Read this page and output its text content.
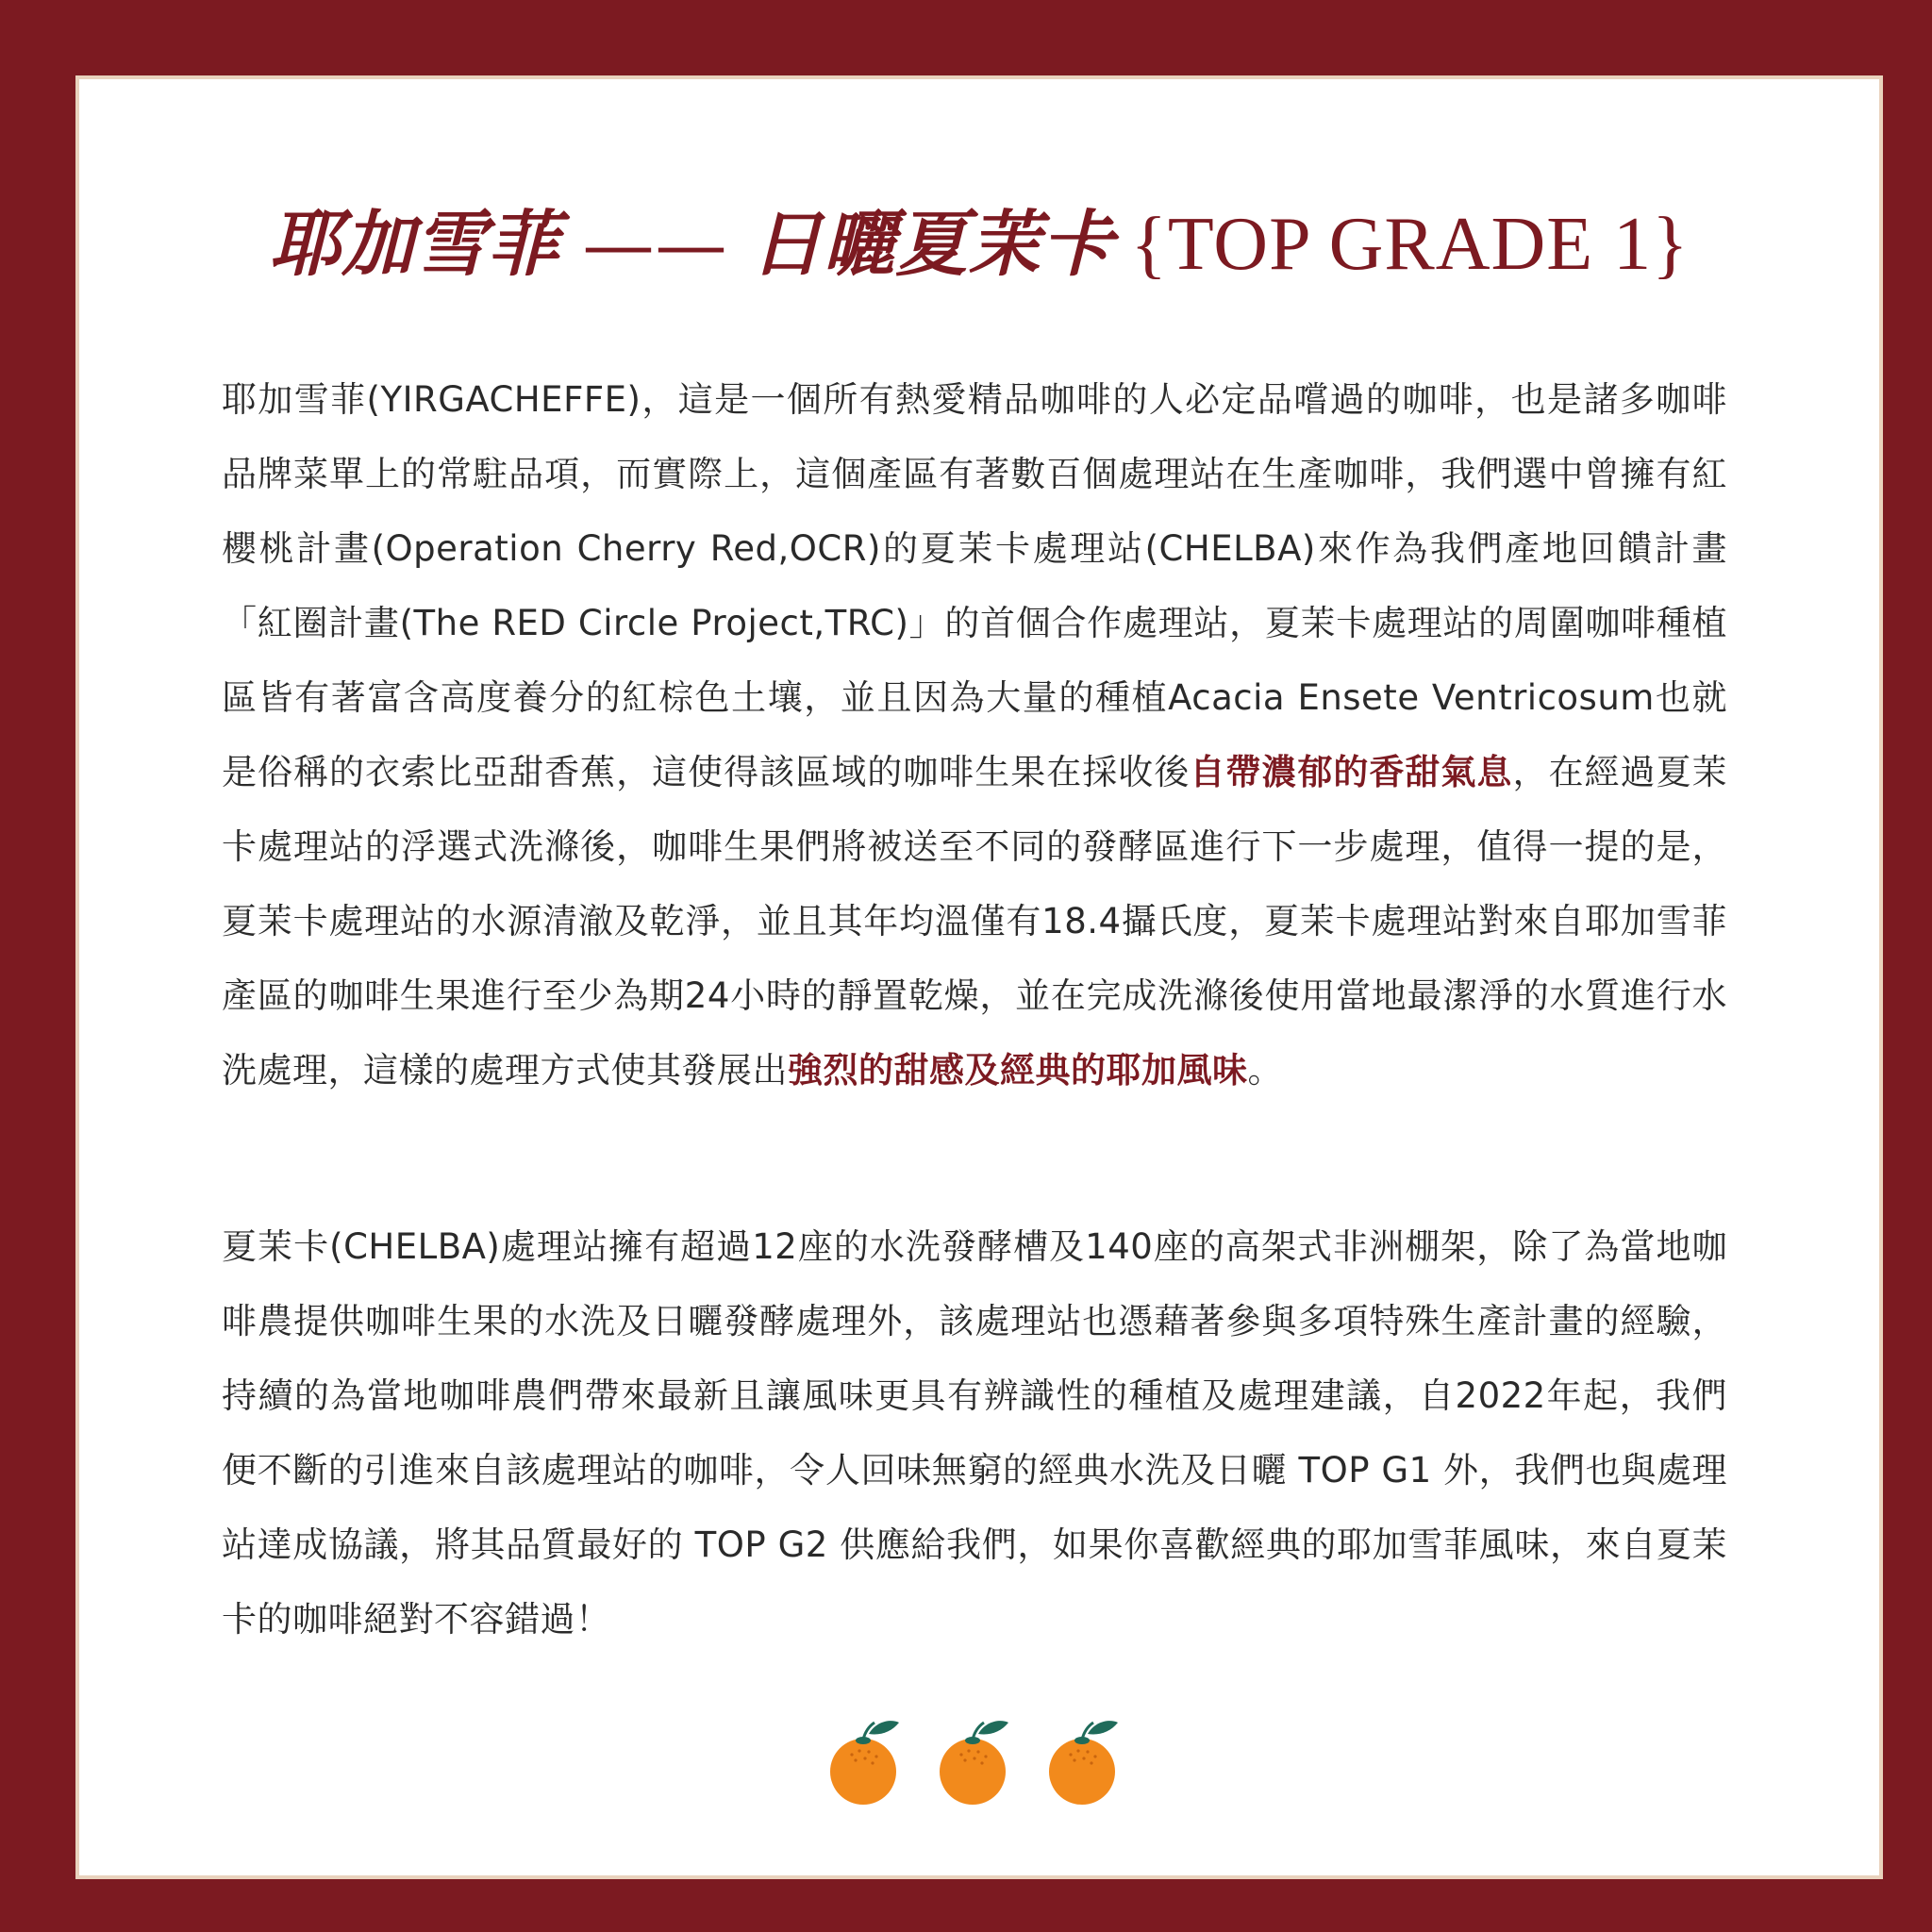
耶加雪菲 —— 日曬夏茉卡 {TOP GRADE 1}
耶加雪菲(YIRGACHEFFE)，這是一個所有熱愛精品咖啡的人必定品嚐過的咖啡，也是諸多咖啡品牌菜單上的常駐品項，而實際上，這個產區有著數百個處理站在生產咖啡，我們選中曾擁有紅櫻桃計畫(Operation Cherry Red,OCR)的夏茉卡處理站(CHELBA)來作為我們產地回饋計畫「紅圈計畫(The RED Circle Project,TRC)」的首個合作處理站，夏茉卡處理站的周圍咖啡種植區皆有著富含高度養分的紅棕色土壤，並且因為大量的種植Acacia Ensete Ventricosum也就是俗稱的衣索比亞甜香蕉，這使得該區域的咖啡生果在採收後自帶濃郁的香甜氣息，在經過夏茉卡處理站的浮選式洗滌後，咖啡生果們將被送至不同的發酵區進行下一步處理，值得一提的是，夏茉卡處理站的水源清澈及乾淨，並且其年均溫僅有18.4攝氏度，夏茉卡處理站對來自耶加雪菲產區的咖啡生果進行至少為期24小時的靜置乾燥，並在完成洗滌後使用當地最潔淨的水質進行水洗處理，這樣的處理方式使其發展出強烈的甜感及經典的耶加風味。
夏茉卡(CHELBA)處理站擁有超過12座的水洗發酵槽及140座的高架式非洲棚架，除了為當地咖啡農提供咖啡生果的水洗及日曬發酵處理外，該處理站也憑藉著參與多項特殊生產計畫的經驗，持續的為當地咖啡農們帶來最新且讓風味更具有辨識性的種植及處理建議，自2022年起，我們便不斷的引進來自該處理站的咖啡，令人回味無窮的經典水洗及日曬 TOP G1 外，我們也與處理站達成協議，將其品質最好的 TOP G2 供應給我們，如果你喜歡經典的耶加雪菲風味，來自夏茉卡的咖啡絕對不容錯過！
